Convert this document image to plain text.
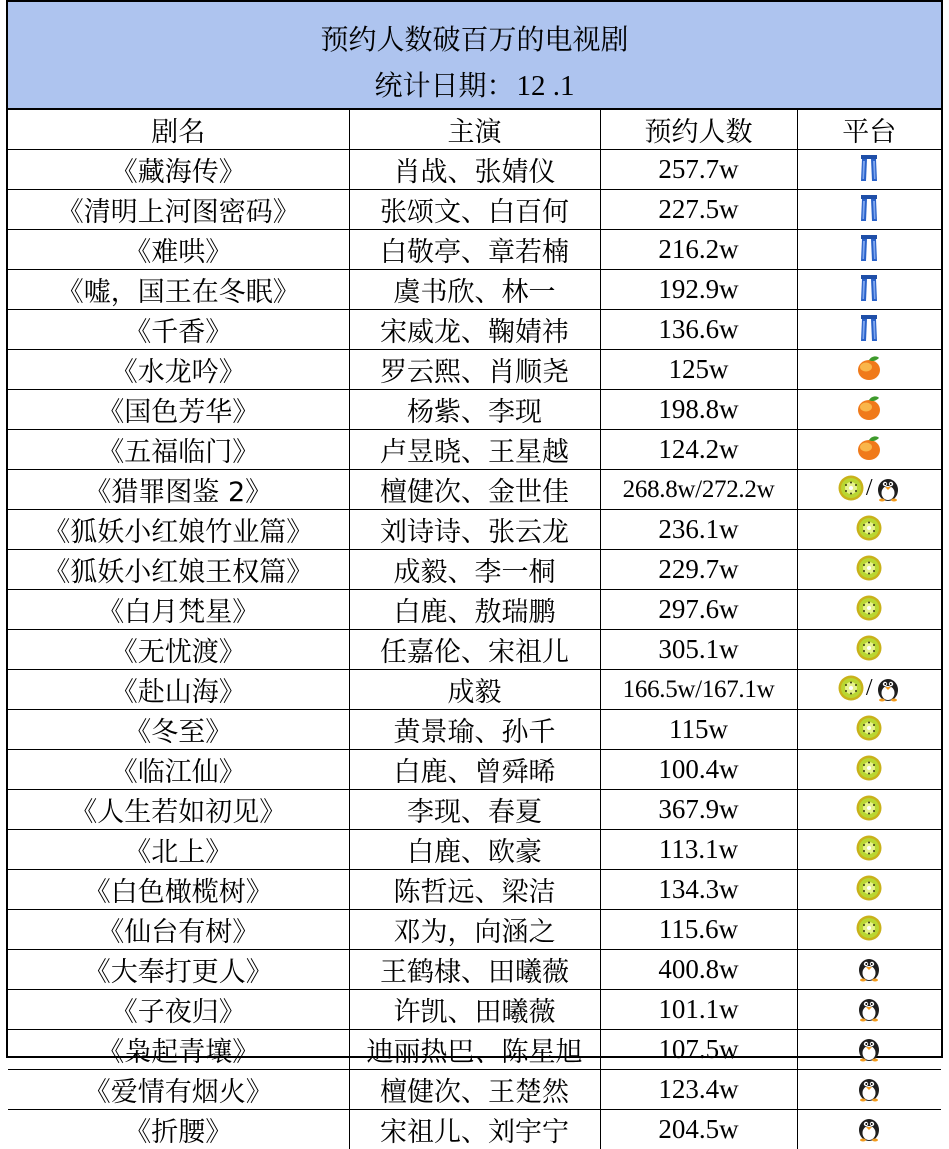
预约人数破百万的电视剧
统计日期：12 .1
剧名	主演	预约人数	平台
《藏海传》	肖战、张婧仪	257.7w	

《清明上河图密码》	张颂文、白百何	227.5w	

《难哄》	白敬亭、章若楠	216.2w	

《嘘，国王在冬眠》	虞书欣、林一	192.9w	

《千香》	宋威龙、鞠婧祎	136.6w	

《水龙吟》	罗云熙、肖顺尧	125w	

《国色芳华》	杨紫、李现	198.8w	

《五福临门》	卢昱晓、王星越	124.2w	

《猎罪图鉴 2》	檀健次、金世佳	268.8w/272.2w	/

《狐妖小红娘竹业篇》	刘诗诗、张云龙	236.1w	

《狐妖小红娘王权篇》	成毅、李一桐	229.7w	

《白月梵星》	白鹿、敖瑞鹏	297.6w	

《无忧渡》	任嘉伦、宋祖儿	305.1w	

《赴山海》	成毅	166.5w/167.1w	/

《冬至》	黄景瑜、孙千	115w	

《临江仙》	白鹿、曾舜晞	100.4w	

《人生若如初见》	李现、春夏	367.9w	

《北上》	白鹿、欧豪	113.1w	

《白色橄榄树》	陈哲远、梁洁	134.3w	

《仙台有树》	邓为，向涵之	115.6w	

《大奉打更人》	王鹤棣、田曦薇	400.8w	

《子夜归》	许凯、田曦薇	101.1w	

《枭起青壤》	迪丽热巴、陈星旭	107.5w	

《爱情有烟火》	檀健次、王楚然	123.4w	

《折腰》	宋祖儿、刘宇宁	204.5w	
